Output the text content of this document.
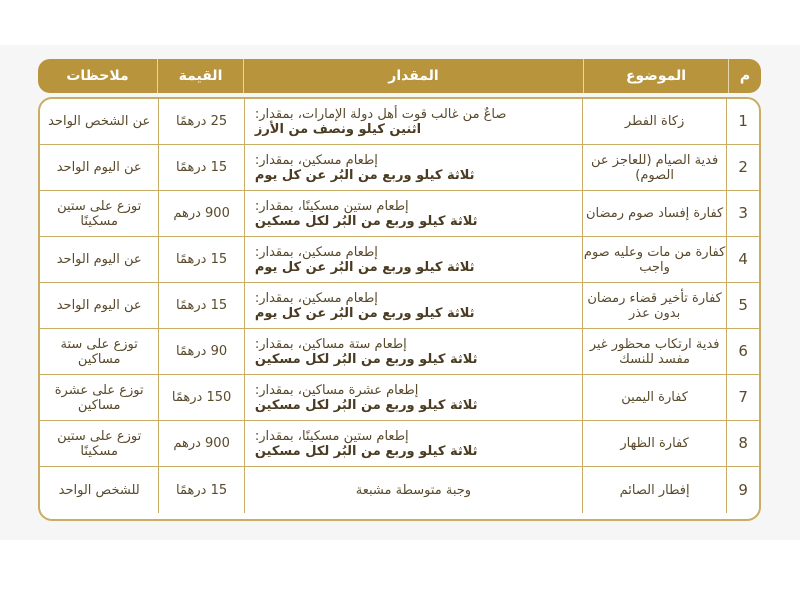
م
الموضوع
المقدار
القيمة
ملاحظات
1
زكاة الفطر
صاعٌ من غالب قوت أهل دولة الإمارات، بمقدار:
اثنين كيلو ونصف من الأرز
25 درهمًا
عن الشخص الواحد
2
فدية الصيام (للعاجز عن الصوم)
إطعام مسكين، بمقدار:
ثلاثة كيلو وربع من البُر عن كل يوم
15 درهمًا
عن اليوم الواحد
3
كفارة إفساد صوم رمضان
إطعام ستين مسكينًا، بمقدار:
ثلاثة كيلو وربع من البُر لكل مسكين
900 درهم
توزع على ستين مسكينًا
4
كفارة من مات وعليه صوم واجب
إطعام مسكين، بمقدار:
ثلاثة كيلو وربع من البُر عن كل يوم
15 درهمًا
عن اليوم الواحد
5
كفارة تأخير قضاء رمضان بدون عذر
إطعام مسكين، بمقدار:
ثلاثة كيلو وربع من البُر عن كل يوم
15 درهمًا
عن اليوم الواحد
6
فدية ارتكاب محظور غير مفسد للنسك
إطعام ستة مساكين، بمقدار:
ثلاثة كيلو وربع من البُر لكل مسكين
90 درهمًا
توزع على ستة مساكين
7
كفارة اليمين
إطعام عشرة مساكين، بمقدار:
ثلاثة كيلو وربع من البُر لكل مسكين
150 درهمًا
توزع على عشرة مساكين
8
كفارة الظهار
إطعام ستين مسكينًا، بمقدار:
ثلاثة كيلو وربع من البُر لكل مسكين
900 درهم
توزع على ستين مسكينًا
9
إفطار الصائم
وجبة متوسطة مشبعة
15 درهمًا
للشخص الواحد
